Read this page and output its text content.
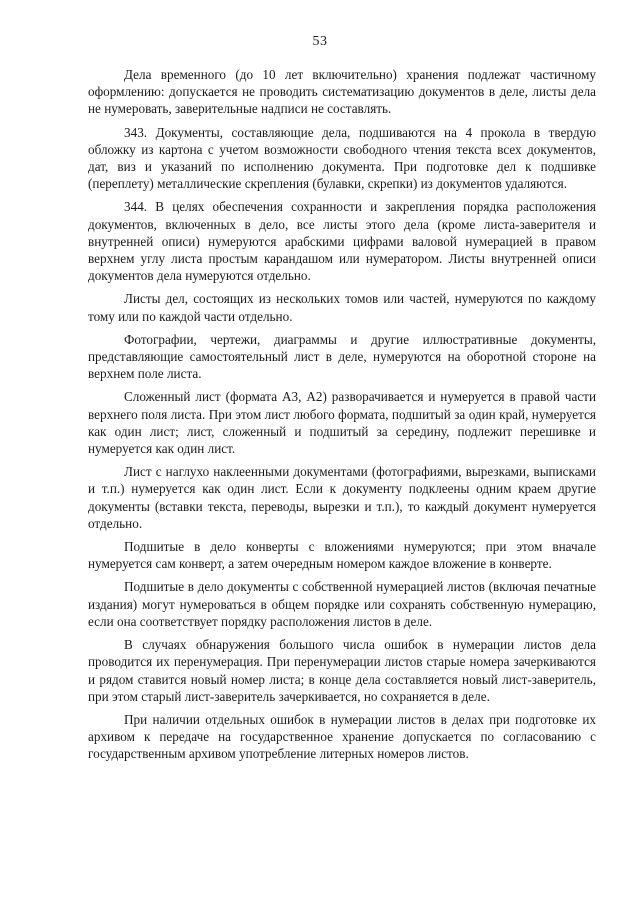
53

Дела временного (до 10 лет включительно) хранения подлежат частичному оформлению: допускается не проводить систематизацию документов в деле, листы дела не нумеровать, заверительные надписи не составлять.

343. Документы, составляющие дела, подшиваются на 4 прокола в твердую обложку из картона с учетом возможности свободного чтения текста всех документов, дат, виз и указаний по исполнению документа. При подготовке дел к подшивке (переплету) металлические скрепления (булавки, скрепки) из документов удаляются.

344. В целях обеспечения сохранности и закрепления порядка расположения документов, включенных в дело, все листы этого дела (кроме листа-заверителя и внутренней описи) нумеруются арабскими цифрами валовой нумерацией в правом верхнем углу листа простым карандашом или нумератором. Листы внутренней описи документов дела нумеруются отдельно.

Листы дел, состоящих из нескольких томов или частей, нумеруются по каждому тому или по каждой части отдельно.

Фотографии, чертежи, диаграммы и другие иллюстративные документы, представляющие самостоятельный лист в деле, нумеруются на оборотной стороне на верхнем поле листа.

Сложенный лист (формата А3, А2) разворачивается и нумеруется в правой части верхнего поля листа. При этом лист любого формата, подшитый за один край, нумеруется как один лист; лист, сложенный и подшитый за середину, подлежит перешивке и нумеруется как один лист.

Лист с наглухо наклеенными документами (фотографиями, вырезками, выписками и т.п.) нумеруется как один лист. Если к документу подклеены одним краем другие документы (вставки текста, переводы, вырезки и т.п.), то каждый документ нумеруется отдельно.

Подшитые в дело конверты с вложениями нумеруются; при этом вначале нумеруется сам конверт, а затем очередным номером каждое вложение в конверте.

Подшитые в дело документы с собственной нумерацией листов (включая печатные издания) могут нумероваться в общем порядке или сохранять собственную нумерацию, если она соответствует порядку расположения листов в деле.

В случаях обнаружения большого числа ошибок в нумерации листов дела проводится их перенумерация. При перенумерации листов старые номера зачеркиваются и рядом ставится новый номер листа; в конце дела составляется новый лист-заверитель, при этом старый лист-заверитель зачеркивается, но сохраняется в деле.

При наличии отдельных ошибок в нумерации листов в делах при подготовке их архивом к передаче на государственное хранение допускается по согласованию с государственным архивом употребление литерных номеров листов.
